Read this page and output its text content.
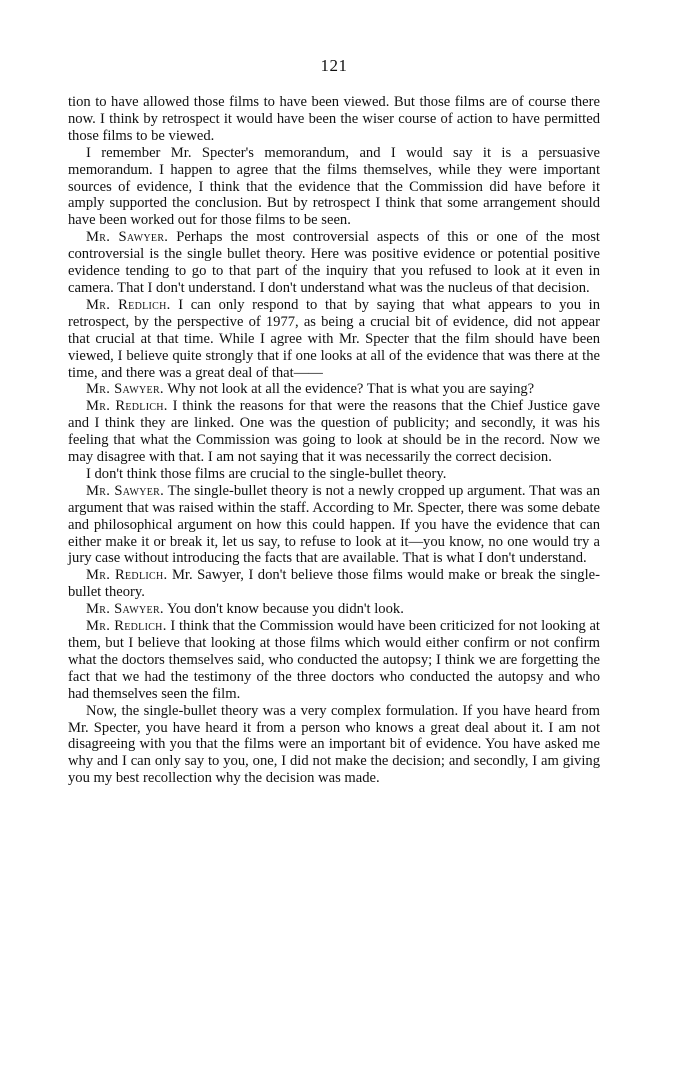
121

tion to have allowed those films to have been viewed. But those films are of course there now. I think by retrospect it would have been the wiser course of action to have permitted those films to be viewed.

I remember Mr. Specter's memorandum, and I would say it is a persuasive memorandum. I happen to agree that the films themselves, while they were important sources of evidence, I think that the evidence that the Commission did have before it amply supported the conclusion. But by retrospect I think that some arrangement should have been worked out for those films to be seen.

Mr. Sawyer. Perhaps the most controversial aspects of this or one of the most controversial is the single bullet theory. Here was positive evidence or potential positive evidence tending to go to that part of the inquiry that you refused to look at it even in camera. That I don't understand. I don't understand what was the nucleus of that decision.

Mr. Redlich. I can only respond to that by saying that what appears to you in retrospect, by the perspective of 1977, as being a crucial bit of evidence, did not appear that crucial at that time. While I agree with Mr. Specter that the film should have been viewed, I believe quite strongly that if one looks at all of the evidence that was there at the time, and there was a great deal of that——

Mr. Sawyer. Why not look at all the evidence? That is what you are saying?

Mr. Redlich. I think the reasons for that were the reasons that the Chief Justice gave and I think they are linked. One was the question of publicity; and secondly, it was his feeling that what the Commission was going to look at should be in the record. Now we may disagree with that. I am not saying that it was necessarily the correct decision.

I don't think those films are crucial to the single-bullet theory.

Mr. Sawyer. The single-bullet theory is not a newly cropped up argument. That was an argument that was raised within the staff. According to Mr. Specter, there was some debate and philosophical argument on how this could happen. If you have the evidence that can either make it or break it, let us say, to refuse to look at it—you know, no one would try a jury case without introducing the facts that are available. That is what I don't understand.

Mr. Redlich. Mr. Sawyer, I don't believe those films would make or break the single-bullet theory.

Mr. Sawyer. You don't know because you didn't look.

Mr. Redlich. I think that the Commission would have been criticized for not looking at them, but I believe that looking at those films which would either confirm or not confirm what the doctors themselves said, who conducted the autopsy; I think we are forgetting the fact that we had the testimony of the three doctors who conducted the autopsy and who had themselves seen the film.

Now, the single-bullet theory was a very complex formulation. If you have heard from Mr. Specter, you have heard it from a person who knows a great deal about it. I am not disagreeing with you that the films were an important bit of evidence. You have asked me why and I can only say to you, one, I did not make the decision; and secondly, I am giving you my best recollection why the decision was made.
